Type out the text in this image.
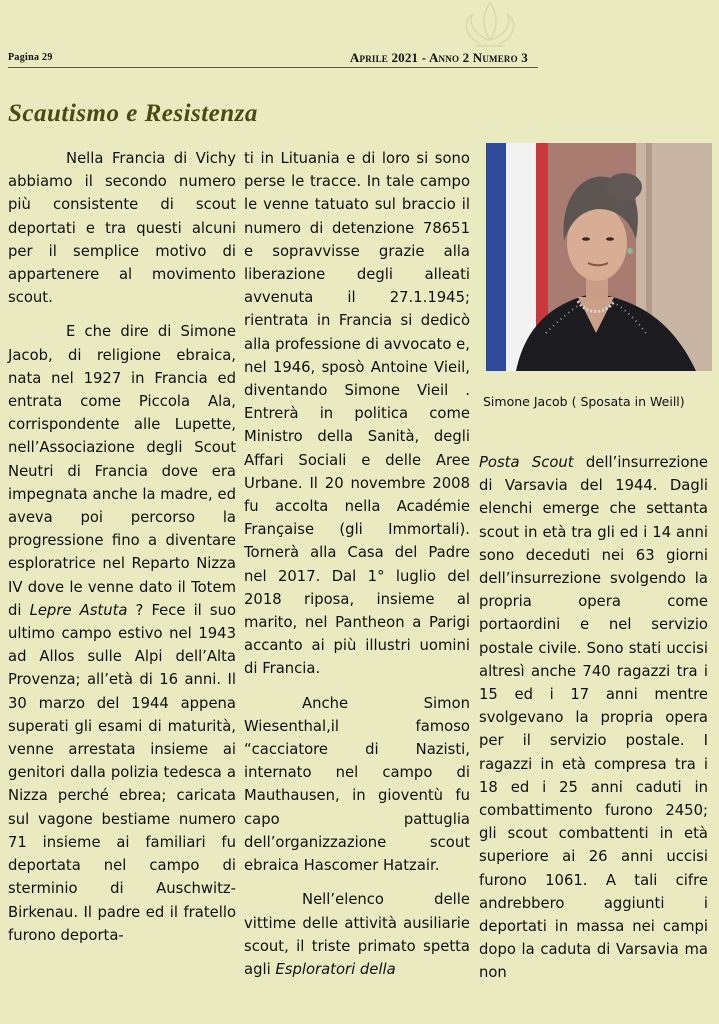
Pagina 29	Aprile 2021 - Anno 2 Numero 3
Scautismo e Resistenza

Nella Francia di Vichy abbiamo il secondo numero più consistente di scout deportati e tra questi alcuni per il semplice motivo di appartenere al movimento scout.

E che dire di Simone Jacob, di religione ebraica, nata nel 1927 in Francia ed entrata come Piccola Ala, corrispondente alle Lupette, nell’Associazione degli Scout Neutri di Francia dove era impegnata anche la madre, ed aveva poi percorso la progressione fino a diventare esploratrice nel Reparto Nizza IV dove le venne dato il Totem di Lepre Astuta ? Fece il suo ultimo campo estivo nel 1943 ad Allos sulle Alpi dell’Alta Provenza; all’età di 16 anni. Il 30 marzo del 1944 appena superati gli esami di maturità, venne arrestata insieme ai genitori dalla polizia tedesca a Nizza perché ebrea; caricata sul vagone bestiame numero 71 insieme ai familiari fu deportata nel campo di sterminio di Auschwitz- Birkenau. Il padre ed il fratello furono deporta-

ti in Lituania e di loro si sono perse le tracce. In tale campo le venne tatuato sul braccio il numero di detenzione 78651 e sopravvisse grazie alla liberazione degli alleati avvenuta il 27.1.1945; rientrata in Francia si dedicò alla professione di avvocato e, nel 1946, sposò Antoine Vieil, diventando Simone Vieil . Entrerà in politica come Ministro della Sanità, degli Affari Sociali e delle Aree Urbane. Il 20 novembre 2008 fu accolta nella Académie Française (gli Immortali). Tornerà alla Casa del Padre nel 2017. Dal 1° luglio del 2018 riposa, insieme al marito, nel Pantheon a Parigi accanto ai più illustri uomini di Francia.

Anche Simon Wiesenthal,il famoso “cacciatore di Nazisti, internato nel campo di Mauthausen, in gioventù fu capo pattuglia dell’organizzazione scout ebraica Hascomer Hatzair.

Nell’elenco delle vittime delle attività ausiliarie scout, il triste primato spetta agli Esploratori della

Simone Jacob ( Sposata in Weill)

Posta Scout dell’insurrezione di Varsavia del 1944. Dagli elenchi emerge che settanta scout in età tra gli ed i 14 anni sono deceduti nei 63 giorni dell’insurrezione svolgendo la propria opera come portaordini e nel servizio postale civile. Sono stati uccisi altresì anche 740 ragazzi tra i 15 ed i 17 anni mentre svolgevano la propria opera per il servizio postale. I ragazzi in età compresa tra i 18 ed i 25 anni caduti in combattimento furono 2450; gli scout combattenti in età superiore ai 26 anni uccisi furono 1061. A tali cifre andrebbero aggiunti i deportati in massa nei campi dopo la caduta di Varsavia ma non
